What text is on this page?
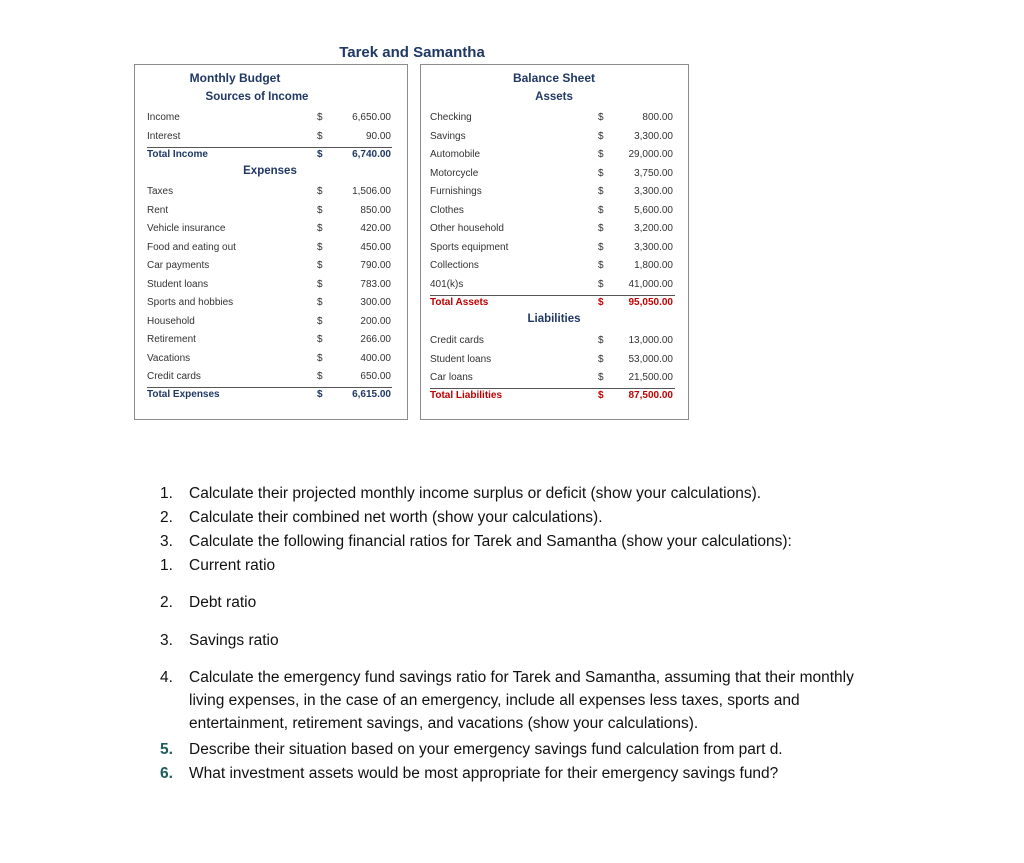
Tarek and Samantha
Monthly Budget
Sources of Income
Expenses
Income	$	6,650.00
Interest	$	90.00
Total Income	$	6,740.00
Taxes	$	1,506.00
Rent	$	850.00
Vehicle insurance	$	420.00
Food and eating out	$	450.00
Car payments	$	790.00
Student loans	$	783.00
Sports and hobbies	$	300.00
Household	$	200.00
Retirement	$	266.00
Vacations	$	400.00
Credit cards	$	650.00
Total Expenses	$	6,615.00
Balance Sheet
Assets
Liabilities
Checking	$	800.00
Savings	$	3,300.00
Automobile	$ 29,000.00
Motorcycle	$	3,750.00
Furnishings	$	3,300.00
Clothes	$	5,600.00
Other household	$	3,200.00
Sports equipment	$	3,300.00
Collections	$	1,800.00
401(k)s	$ 41,000.00
Total Assets	$ 95,050.00
Credit cards	$ 13,000.00
Student loans	$ 53,000.00
Car loans	$ 21,500.00
Total Liabilities	$ 87,500.00
1.	Calculate their projected monthly income surplus or deficit (show your calculations).
2.	Calculate their combined net worth (show your calculations).
3.	Calculate the following financial ratios for Tarek and Samantha (show your calculations):
1.	Current ratio
2.	Debt ratio
3.	Savings ratio
4.	Calculate the emergency fund savings ratio for Tarek and Samantha, assuming that their monthly living expenses, in the case of an emergency, include all expenses less taxes, sports and entertainment, retirement savings, and vacations (show your calculations).
5.	Describe their situation based on your emergency savings fund calculation from part d.
6.	What investment assets would be most appropriate for their emergency savings fund?
